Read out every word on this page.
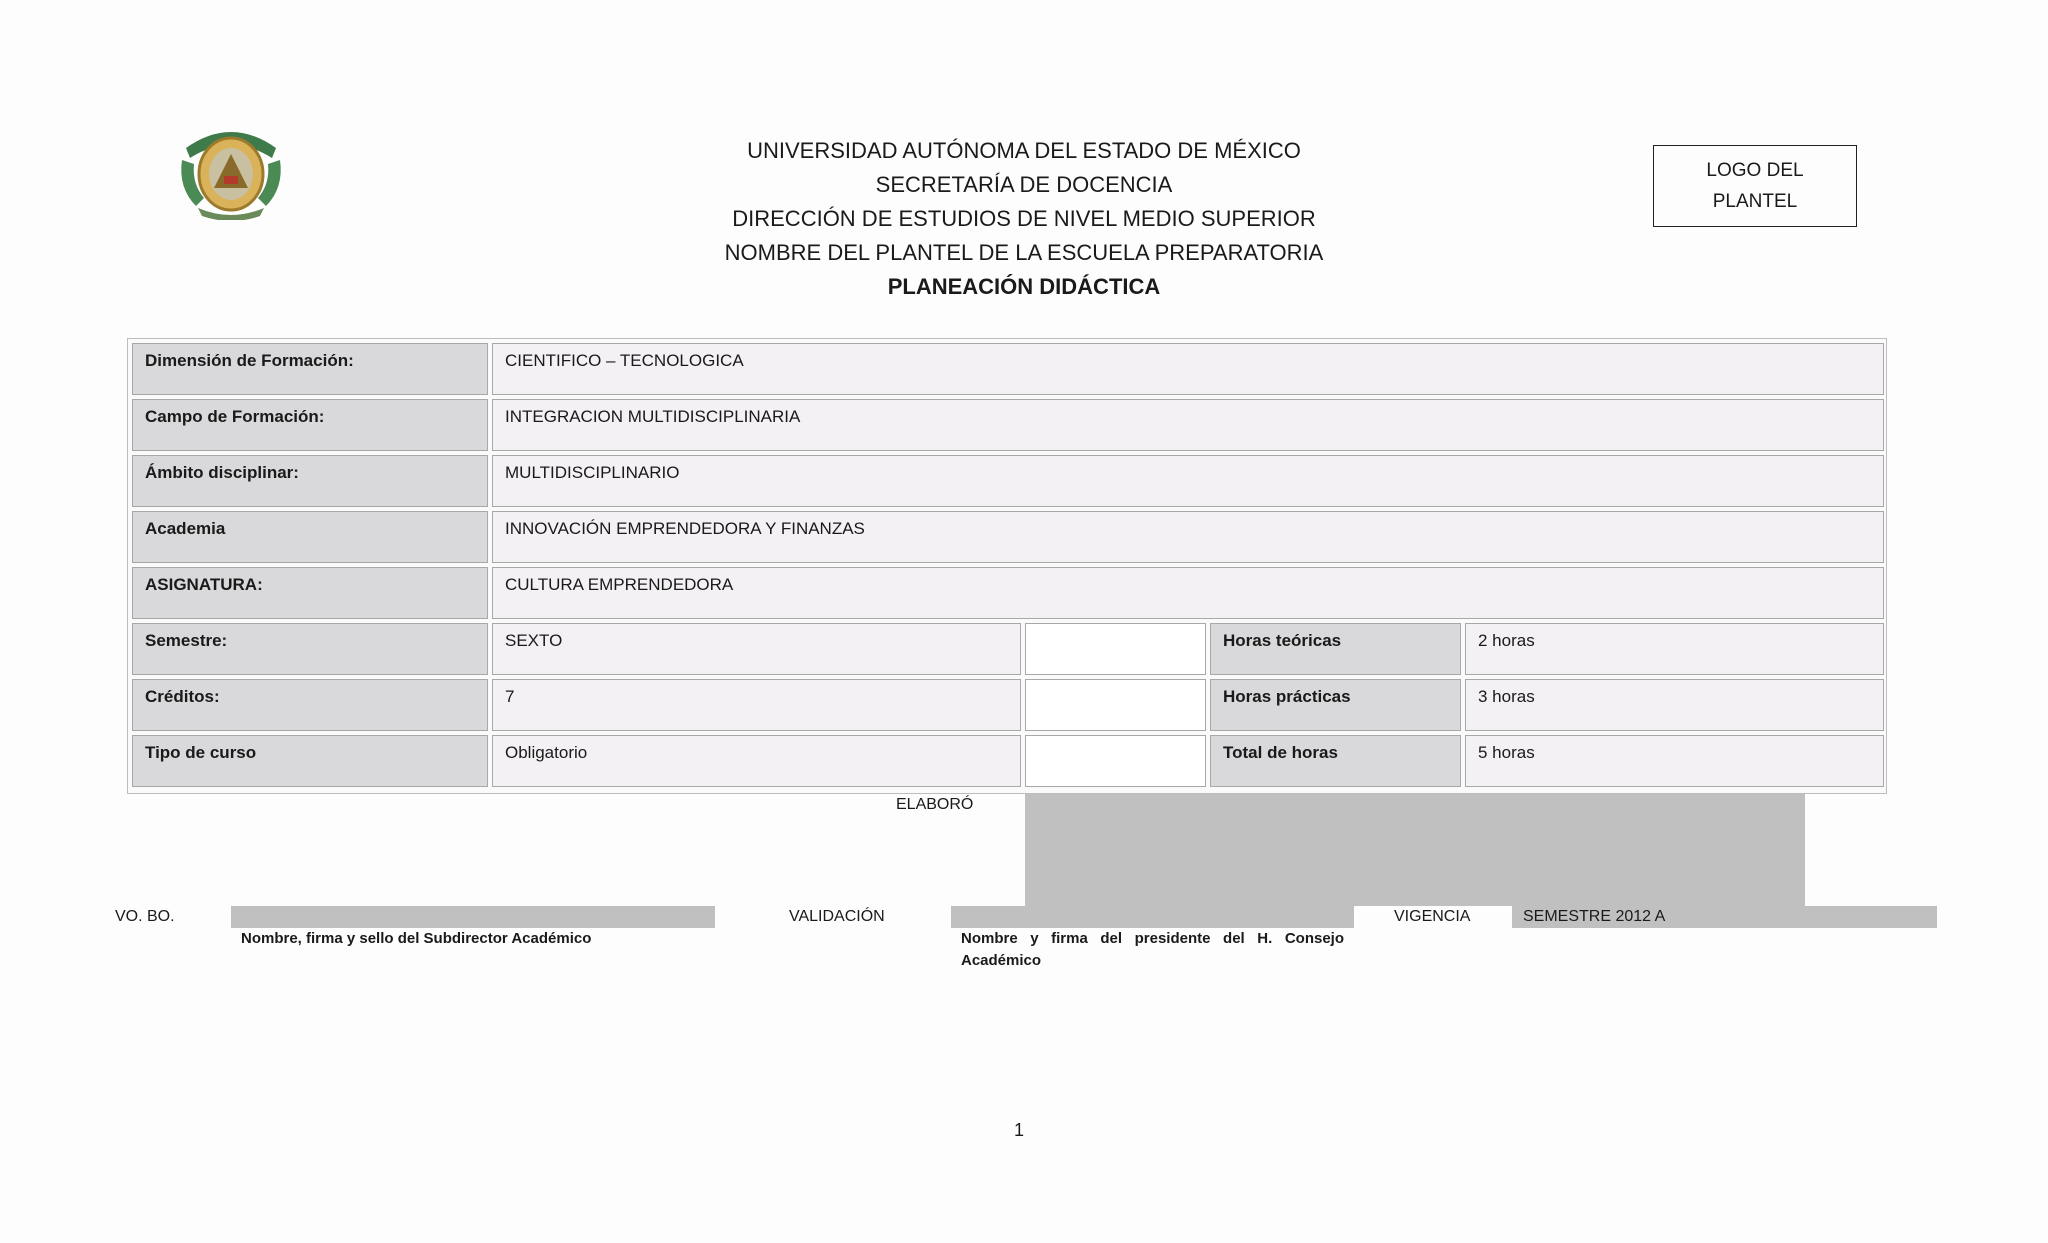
UNIVERSIDAD AUTÓNOMA DEL ESTADO DE MÉXICO
SECRETARÍA DE DOCENCIA
DIRECCIÓN DE ESTUDIOS DE NIVEL MEDIO SUPERIOR
NOMBRE DEL PLANTEL DE LA ESCUELA PREPARATORIA
PLANEACIÓN DIDÁCTICA
LOGO DEL
PLANTEL
Dimensión de Formación:	CIENTIFICO – TECNOLOGICA
Campo de Formación:	INTEGRACION MULTIDISCIPLINARIA
Ámbito disciplinar:	MULTIDISCIPLINARIO
Academia	INNOVACIÓN EMPRENDEDORA Y FINANZAS
ASIGNATURA:	CULTURA EMPRENDEDORA
Semestre:	SEXTO	Horas teóricas	2 horas
Créditos:	7	Horas prácticas	3 horas
Tipo de curso	Obligatorio	Total de horas	5 horas
ELABORÓ
VO. BO.
Nombre, firma y sello del Subdirector Académico
VALIDACIÓN
Nombre y firma del presidente del H. Consejo Académico
VIGENCIA	SEMESTRE 2012 A
1
